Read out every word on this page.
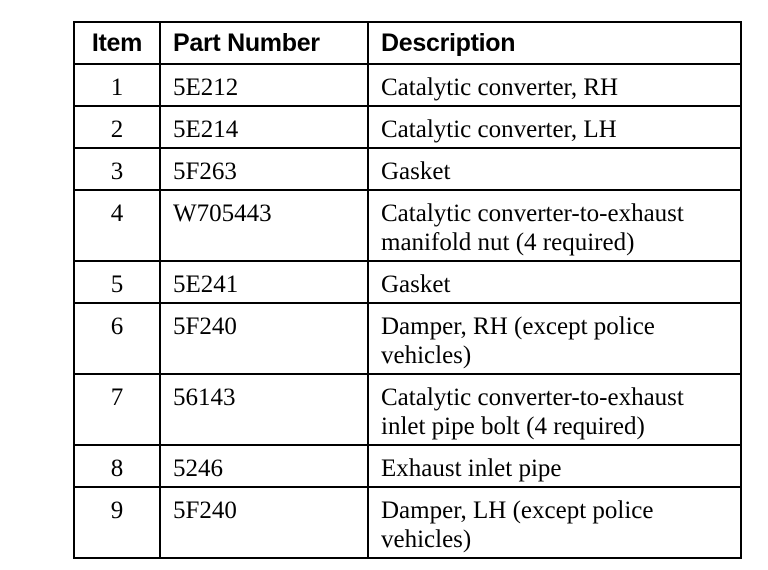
Item	Part Number	Description
1	5E212	Catalytic converter, RH

2	5E214	Catalytic converter, LH

3	5F263	Gasket

4	W705443	Catalytic converter-to-exhaust
manifold nut (4 required)

5	5E241	Gasket

6	5F240	Damper, RH (except police
vehicles)

7	56143	Catalytic converter-to-exhaust
inlet pipe bolt (4 required)

8	5246	Exhaust inlet pipe

9	5F240	Damper, LH (except police
vehicles)
